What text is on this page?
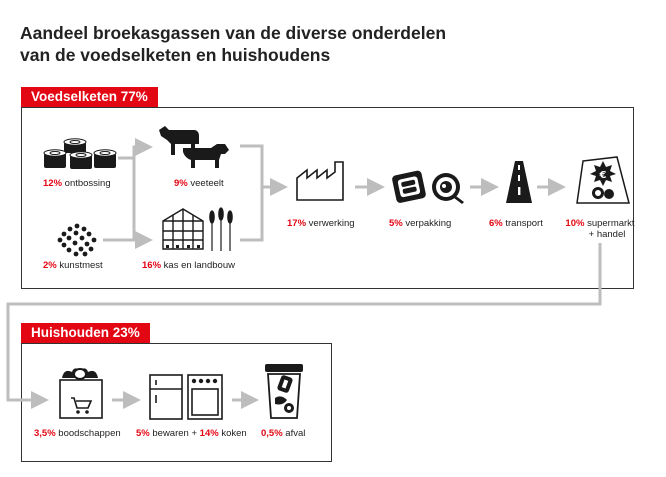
Aandeel broekasgassen van de diverse onderdelen
van de voedselketen en huishoudens
Voedselketen 77%
Huishouden 23%
€
12% ontbossing	9% veeteelt
2% kunstmest	16% kas en landbouw
17% verwerking	5% verpakking	6% transport	10% supermarkt
+ handel
3,5% boodschappen 5% bewaren + 14% koken 0,5% afval
